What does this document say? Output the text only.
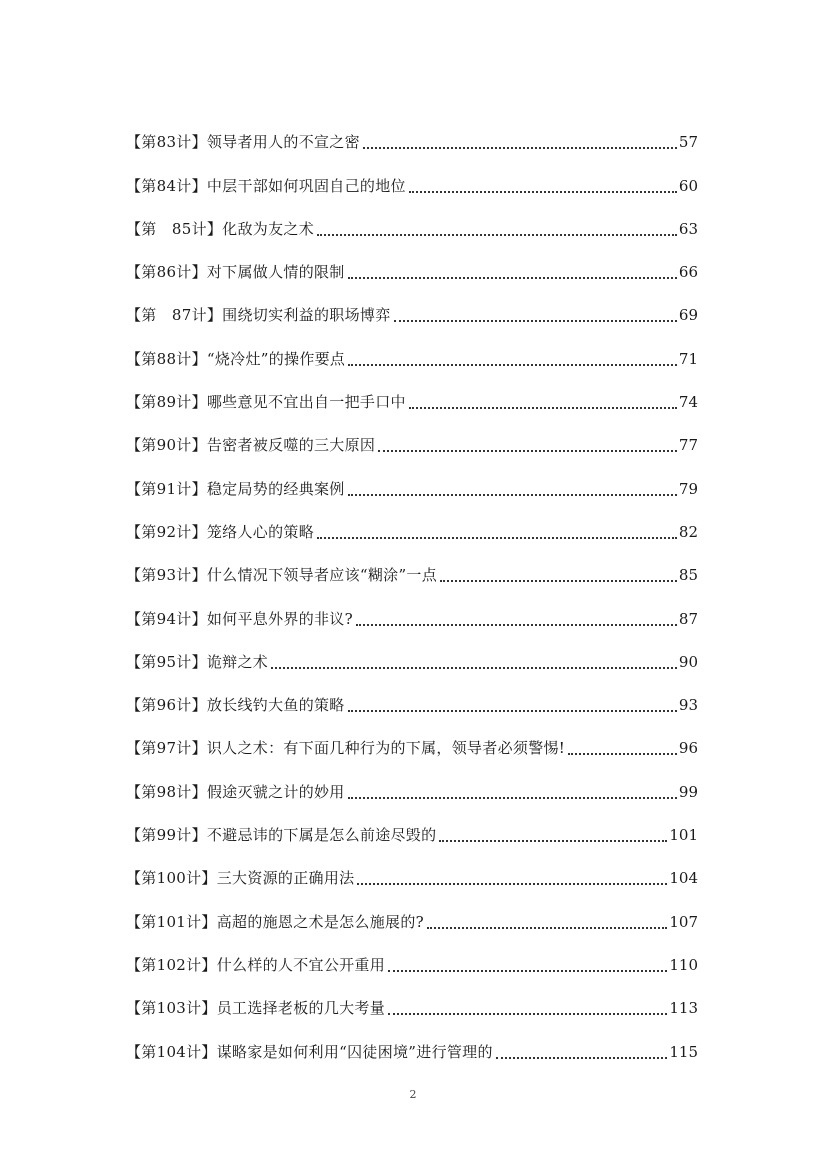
【第83计】领导者用人的不宣之密	57
【第84计】中层干部如何巩固自己的地位	60
【第　85计】化敌为友之术	63
【第86计】对下属做人情的限制	66
【第　87计】围绕切实利益的职场博弈	69
【第88计】“烧冷灶”的操作要点	71
【第89计】哪些意见不宜出自一把手口中	74
【第90计】告密者被反噬的三大原因	77
【第91计】稳定局势的经典案例	79
【第92计】笼络人心的策略	82
【第93计】什么情况下领导者应该“糊涂”一点	85
【第94计】如何平息外界的非议?	87
【第95计】诡辩之术	90
【第96计】放长线钓大鱼的策略	93
【第97计】识人之术：有下面几种行为的下属，领导者必须警惕!	96
【第98计】假途灭虢之计的妙用	99
【第99计】不避忌讳的下属是怎么前途尽毁的	101
【第100计】三大资源的正确用法	104
【第101计】高超的施恩之术是怎么施展的?	107
【第102计】什么样的人不宜公开重用	110
【第103计】员工选择老板的几大考量	113
【第104计】谋略家是如何利用“囚徒困境”进行管理的	115
2
